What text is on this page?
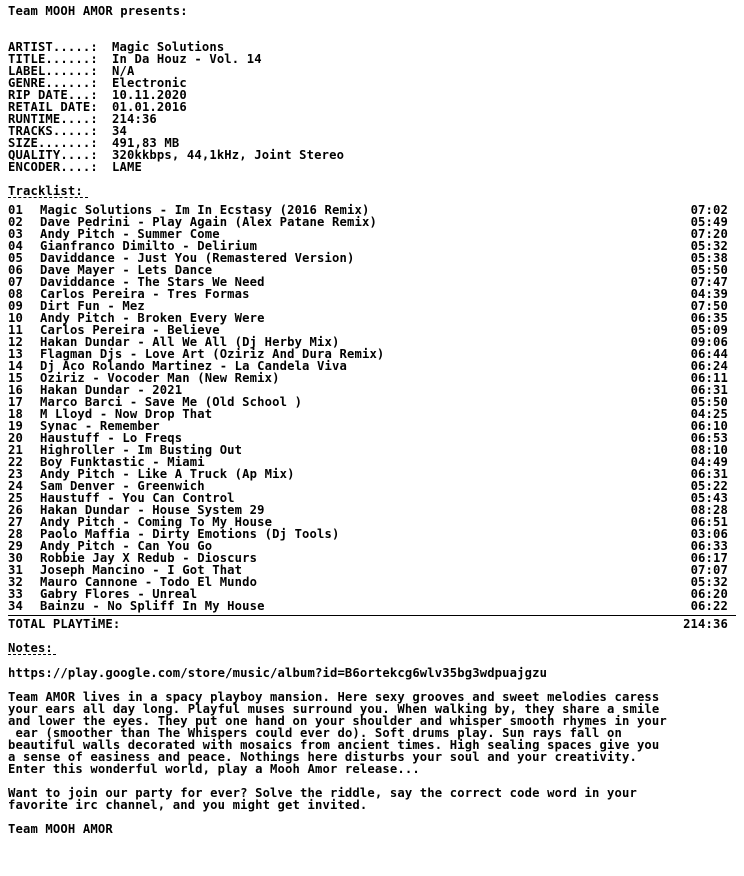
Team MOOH AMOR presents:
ARTIST.....:	Magic Solutions
TITLE......:	In Da Houz - Vol. 14
LABEL......:	N/A
GENRE......:	Electronic
RIP DATE...:	10.11.2020
RETAIL DATE:	01.01.2016
RUNTIME....:	214:36
TRACKS.....:	34
SIZE.......:	491,83 MB
QUALITY....:	320kkbps, 44,1kHz, Joint Stereo
ENCODER....:	LAME
Tracklist:
01	Magic Solutions - Im In Ecstasy (2016 Remix)	07:02
02	Dave Pedrini - Play Again (Alex Patane Remix)	05:49
03	Andy Pitch - Summer Come	07:20
04	Gianfranco Dimilto - Delirium	05:32
05	Daviddance - Just You (Remastered Version)	05:38
06	Dave Mayer - Lets Dance	05:50
07	Daviddance - The Stars We Need	07:47
08	Carlos Pereira - Tres Formas	04:39
09	Dirt Fun - Mez	07:50
10	Andy Pitch - Broken Every Were	06:35
11	Carlos Pereira - Believe	05:09
12	Hakan Dundar - All We All (Dj Herby Mix)	09:06
13	Flagman Djs - Love Art (Oziriz And Dura Remix)	06:44
14	Dj Aco Rolando Martinez - La Candela Viva	06:24
15	Oziriz - Vocoder Man (New Remix)	06:11
16	Hakan Dundar - 2021	06:31
17	Marco Barci - Save Me (Old School )	05:50
18	M Lloyd - Now Drop That	04:25
19	Synac - Remember	06:10
20	Haustuff - Lo Freqs	06:53
21	Highroller - Im Busting Out	08:10
22	Boy Funktastic - Miami	04:49
23	Andy Pitch - Like A Truck (Ap Mix)	06:31
24	Sam Denver - Greenwich	05:22
25	Haustuff - You Can Control	05:43
26	Hakan Dundar - House System 29	08:28
27	Andy Pitch - Coming To My House	06:51
28	Paolo Maffia - Dirty Emotions (Dj Tools)	03:06
29	Andy Pitch - Can You Go	06:33
30	Robbie Jay X Redub - Dioscurs	06:17
31	Joseph Mancino - I Got That	07:07
32	Mauro Cannone - Todo El Mundo	05:32
33	Gabry Flores - Unreal	06:20
34	Bainzu - No Spliff In My House	06:22
TOTAL PLAYTiME:	214:36
Notes:
https://play.google.com/store/music/album?id=B6ortekcg6wlv35bg3wdpuajgzu
Team AMOR lives in a spacy playboy mansion. Here sexy grooves and sweet melodies caress
your ears all day long. Playful muses surround you. When walking by, they share a smile
and lower the eyes. They put one hand on your shoulder and whisper smooth rhymes in your
ear (smoother than The Whispers could ever do). Soft drums play. Sun rays fall on
beautiful walls decorated with mosaics from ancient times. High sealing spaces give you
a sense of easiness and peace. Nothings here disturbs your soul and your creativity.
Enter this wonderful world, play a Mooh Amor release...
Want to join our party for ever? Solve the riddle, say the correct code word in your
favorite irc channel, and you might get invited.
Team MOOH AMOR
